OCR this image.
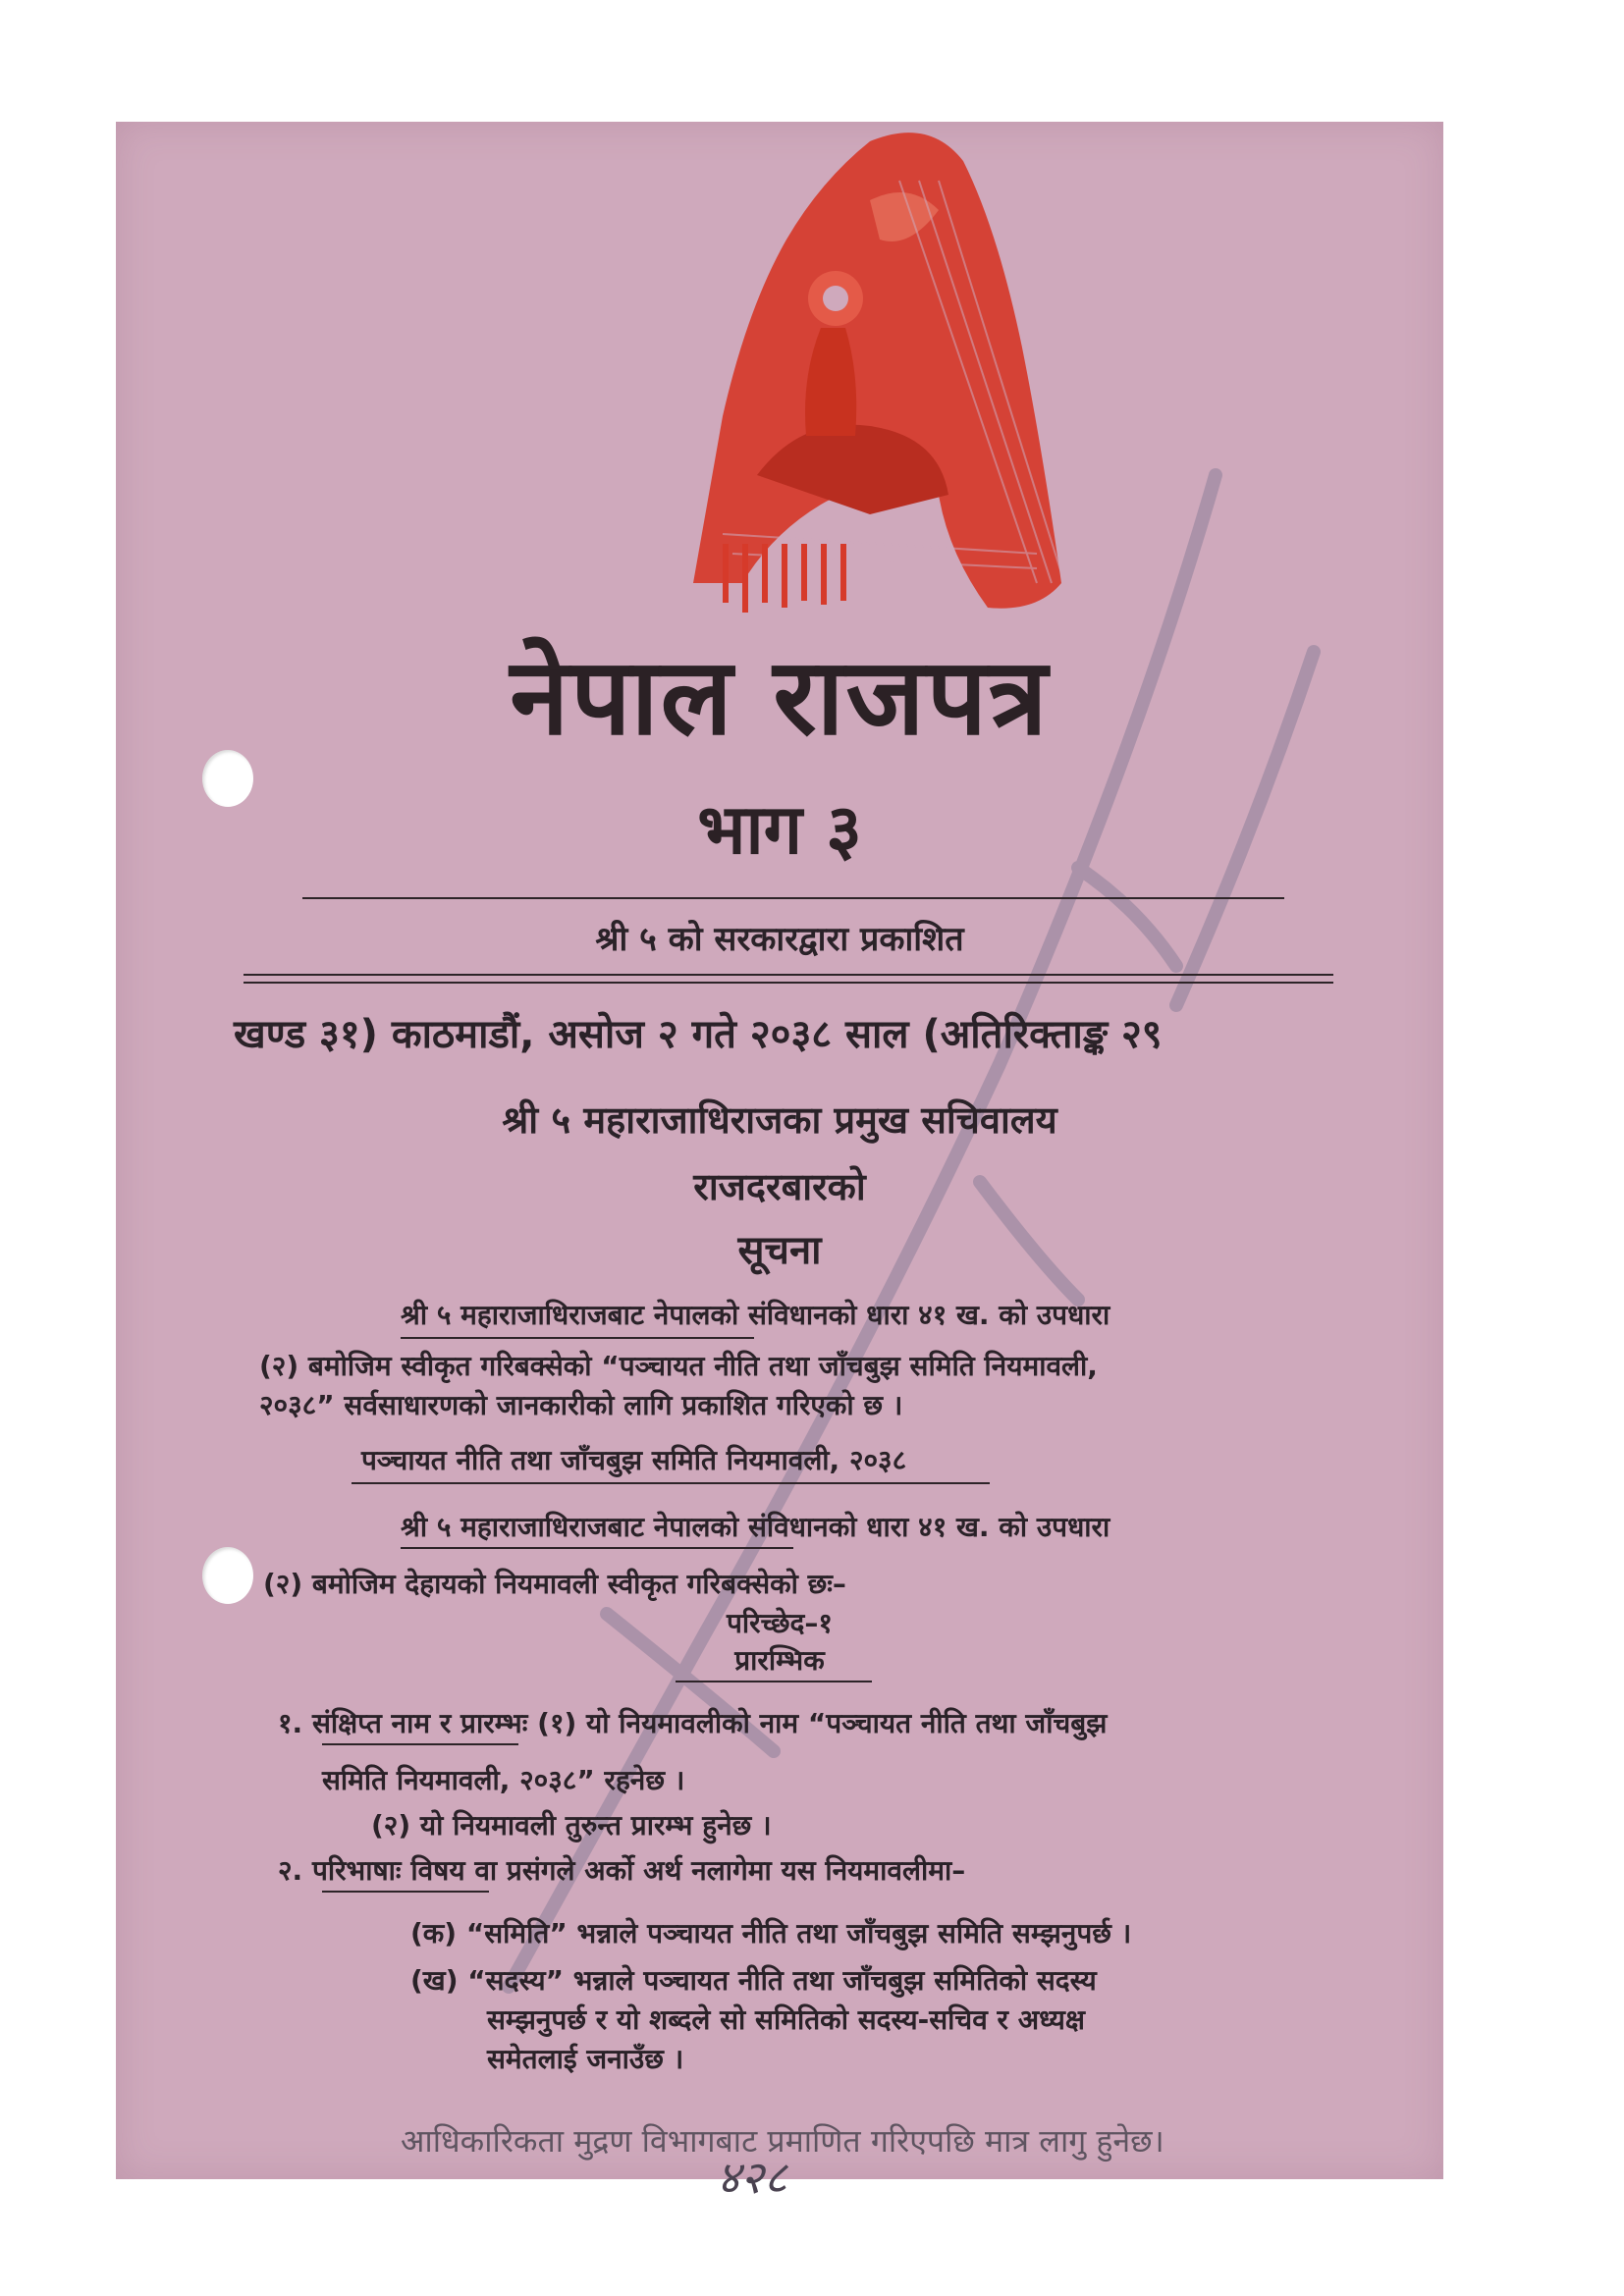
नेपाल राजपत्र
भाग ३
श्री ५ को सरकारद्वारा प्रकाशित
खण्ड ३१) काठमाडौं, असोज २ गते २०३८ साल (अतिरिक्ताङ्क २९
श्री ५ महाराजाधिराजका प्रमुख सचिवालय
राजदरबारको
सूचना
श्री ५ महाराजाधिराजबाट नेपालको संविधानको धारा ४१ ख. को उपधारा
(२) बमोजिम स्वीकृत गरिबक्सेको “पञ्चायत नीति तथा जाँचबुझ समिति नियमावली,
२०३८” सर्वसाधारणको जानकारीको लागि प्रकाशित गरिएको छ ।
पञ्चायत नीति तथा जाँचबुझ समिति नियमावली, २०३८
श्री ५ महाराजाधिराजबाट नेपालको संविधानको धारा ४१ ख. को उपधारा
(२) बमोजिम देहायको नियमावली स्वीकृत गरिबक्सेको छः–
परिच्छेद–१
प्रारम्भिक
१. संक्षिप्त नाम र प्रारम्भः (१) यो नियमावलीको नाम “पञ्चायत नीति तथा जाँचबुझ
समिति नियमावली, २०३८” रहनेछ ।
(२) यो नियमावली तुरुन्त प्रारम्भ हुनेछ ।
२. परिभाषाः विषय वा प्रसंगले अर्को अर्थ नलागेमा यस नियमावलीमा–
(क) “समिति” भन्नाले पञ्चायत नीति तथा जाँचबुझ समिति सम्झनुपर्छ ।
(ख) “सदस्य” भन्नाले पञ्चायत नीति तथा जाँचबुझ समितिको सदस्य
सम्झनुपर्छ र यो शब्दले सो समितिको सदस्य-सचिव र अध्यक्ष
समेतलाई जनाउँछ ।
आधिकारिकता मुद्रण विभागबाट प्रमाणित गरिएपछि मात्र लागु हुनेछ।
४२८
